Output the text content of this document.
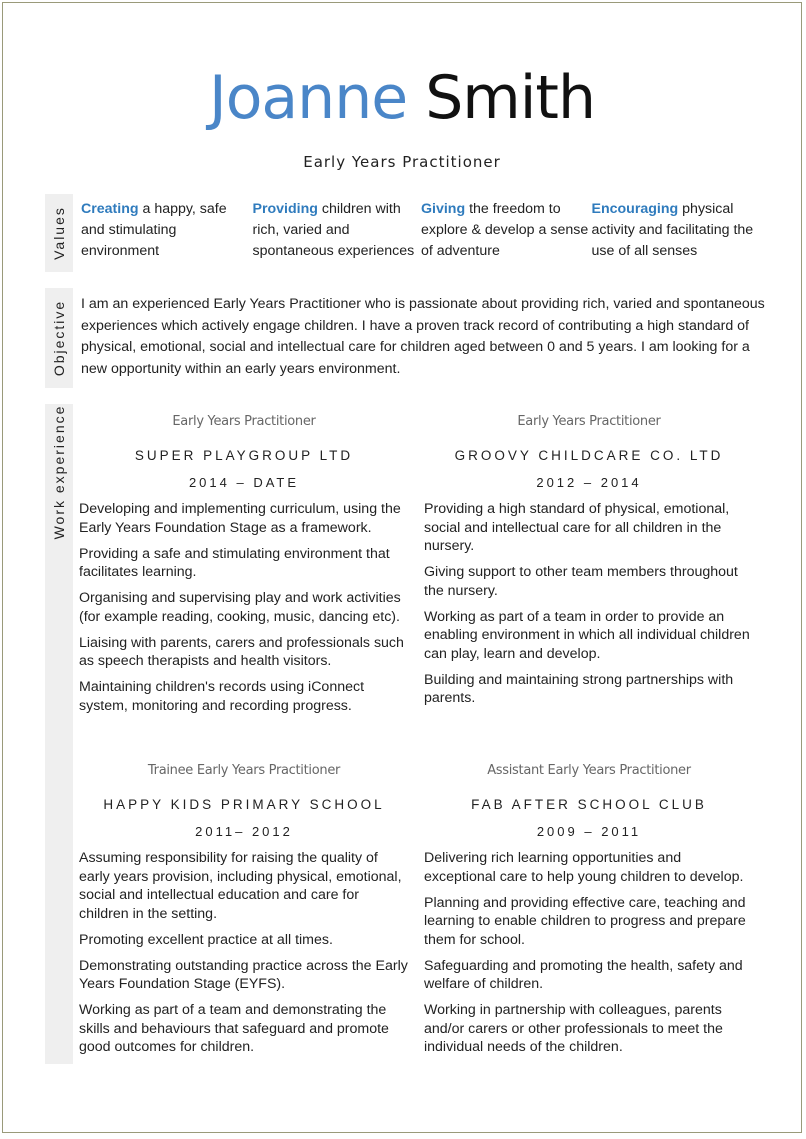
Joanne Smith
Early Years Practitioner
Values Creating a happy, safe and stimulating environment
Providing children with rich, varied and spontaneous experiences
Giving the freedom to explore & develop a sense of adventure
Encouraging physical activity and facilitating the use of all senses
Objective I am an experienced Early Years Practitioner who is passionate about providing rich, varied and spontaneous experiences which actively engage children. I have a proven track record of contributing a high standard of physical, emotional, social and intellectual care for children aged between 0 and 5 years. I am looking for a new opportunity within an early years environment.
Work experience	Early Years Practitioner
SUPER PLAYGROUP LTD
2014 – DATE
Developing and implementing curriculum, using the Early Years Foundation Stage as a framework.
Providing a safe and stimulating environment that facilitates learning.
Organising and supervising play and work activities (for example reading, cooking, music, dancing etc).
Liaising with parents, carers and professionals such as speech therapists and health visitors.
Maintaining children's records using iConnect system, monitoring and recording progress.
Early Years Practitioner
GROOVY CHILDCARE CO. LTD
2012 – 2014
Providing a high standard of physical, emotional, social and intellectual care for all children in the nursery.
Giving support to other team members throughout the nursery.
Working as part of a team in order to provide an enabling environment in which all individual children can play, learn and develop.
Building and maintaining strong partnerships with parents.
Trainee Early Years Practitioner
HAPPY KIDS PRIMARY SCHOOL
2011– 2012
Assuming responsibility for raising the quality of early years provision, including physical, emotional, social and intellectual education and care for children in the setting.
Promoting excellent practice at all times.
Demonstrating outstanding practice across the Early Years Foundation Stage (EYFS).
Working as part of a team and demonstrating the skills and behaviours that safeguard and promote good outcomes for children.
Assistant Early Years Practitioner
FAB AFTER SCHOOL CLUB
2009 – 2011
Delivering rich learning opportunities and exceptional care to help young children to develop.
Planning and providing effective care, teaching and learning to enable children to progress and prepare them for school.
Safeguarding and promoting the health, safety and welfare of children.
Working in partnership with colleagues, parents and/or carers or other professionals to meet the individual needs of the children.
